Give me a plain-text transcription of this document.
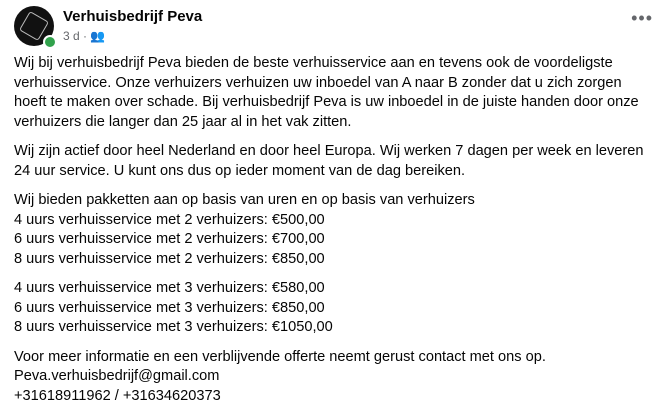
Verhuisbedrijf Peva
3 d · 👥
•••

Wij bij verhuisbedrijf Peva bieden de beste verhuisservice aan en tevens ook de voordeligste
verhuisservice. Onze verhuizers verhuizen uw inboedel van A naar B zonder dat u zich zorgen
hoeft te maken over schade. Bij verhuisbedrijf Peva is uw inboedel in de juiste handen door onze
verhuizers die langer dan 25 jaar al in het vak zitten.

Wij zijn actief door heel Nederland en door heel Europa. Wij werken 7 dagen per week en leveren
24 uur service. U kunt ons dus op ieder moment van de dag bereiken.

Wij bieden pakketten aan op basis van uren en op basis van verhuizers
4 uurs verhuisservice met 2 verhuizers: €500,00
6 uurs verhuisservice met 2 verhuizers: €700,00
8 uurs verhuisservice met 2 verhuizers: €850,00

4 uurs verhuisservice met 3 verhuizers: €580,00
6 uurs verhuisservice met 3 verhuizers: €850,00
8 uurs verhuisservice met 3 verhuizers: €1050,00

Voor meer informatie en een verblijvende offerte neemt gerust contact met ons op.
Peva.verhuisbedrijf@gmail.com
+31618911962 / +31634620373
